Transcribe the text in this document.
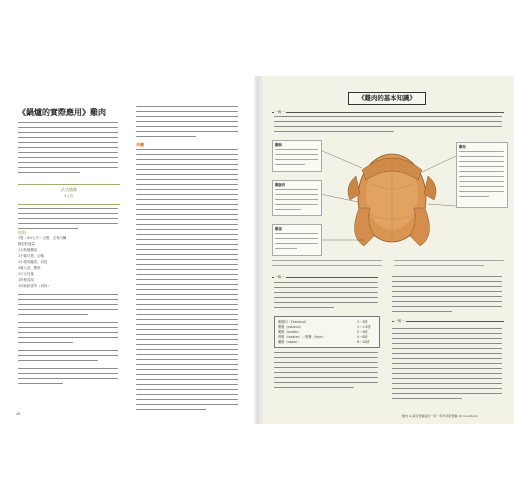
《鍋爐的實際應用》雞肉
法式燉雞
4人份
材料
1隻（4½公斤）全雞，去骨內臟
麵包粉適量
1大匙橄欖油
1小顆洋蔥，切塊
1小根胡蘿蔔，切段
4瓣大蒜，壓碎
1片月桂葉
1杯雞高湯
1杯新鮮香草（切碎）
步驟
46
《雞肉的基本知識》
一般一
雞胸
雞腿肉
雞翅
雞架
一般一
雞胸肉（Chestnut）	2～3磅
雞腿（poussin）	1～1.5磅
嫩雞（broiler）	2～4磅
烤雞（roaster）／燉雞（fryer）	5～8磅
閹雞（capon）	6～10磅
一般一
雞肉 ※ 廚房實驗室的一般一般科學與實驗 46 Cookbook
